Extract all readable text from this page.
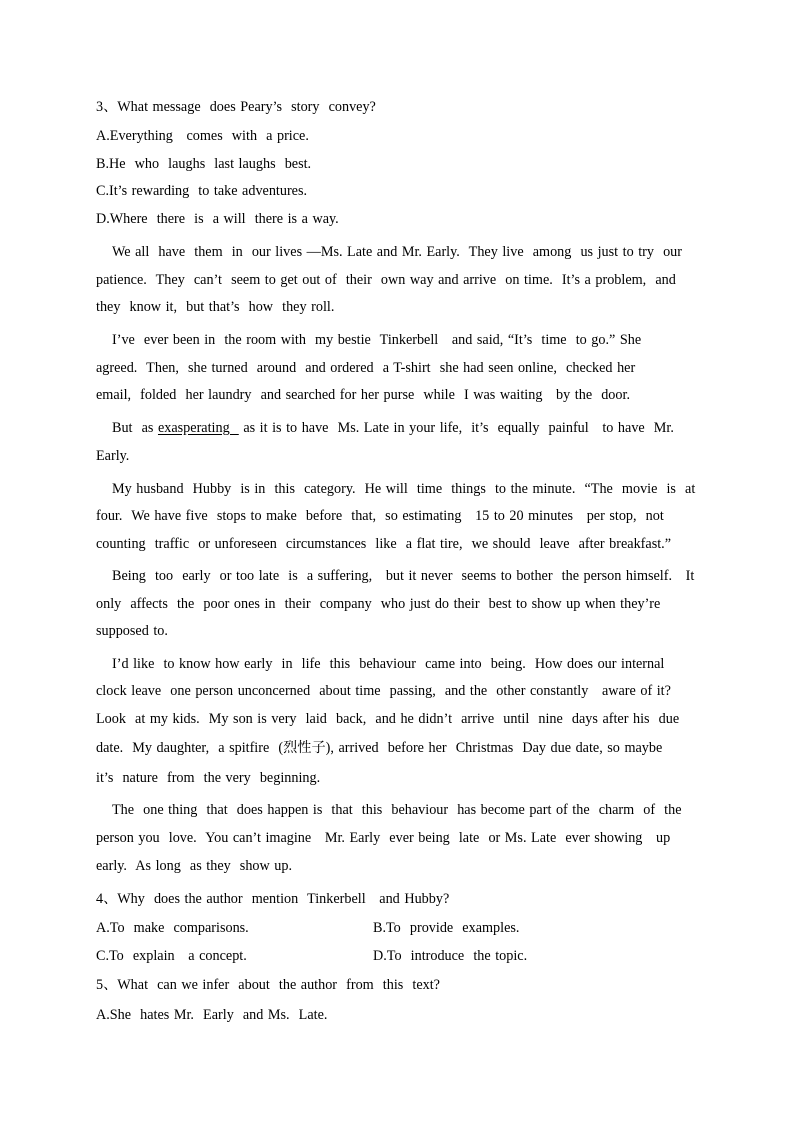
3、What message  does Peary’s  story  convey?
A.Everything   comes  with  a price.
B.He  who  laughs  last laughs  best.
C.It’s rewarding  to take adventures.
D.Where  there  is  a will  there is a way.
We all  have  them  in  our lives —Ms. Late and Mr. Early.  They live  among  us just to try  our
patience.  They  can’t  seem to get out of  their  own way and arrive  on time.  It’s a problem,  and
they  know it,  but that’s  how  they roll.
I’ve  ever been in  the room with  my bestie  Tinkerbell   and said, “It’s  time  to go.” She
agreed.  Then,  she turned  around  and ordered  a T-shirt  she had seen online,  checked her
email,  folded  her laundry  and searched for her purse  while  I was waiting   by the  door.
But  as exasperating   as it is to have  Ms. Late in your life,  it’s  equally  painful   to have  Mr.
Early.
My husband  Hubby  is in  this  category.  He will  time  things  to the minute.  “The  movie  is  at
four.  We have five  stops to make  before  that,  so estimating   15 to 20 minutes   per stop,  not
counting  traffic  or unforeseen  circumstances  like  a flat tire,  we should  leave  after breakfast.”
Being  too  early  or too late  is  a suffering,   but it never  seems to bother  the person himself.   It
only  affects  the  poor ones in  their  company  who just do their  best to show up when they’re
supposed to.
I’d like  to know how early  in  life  this  behaviour  came into  being.  How does our internal
clock leave  one person unconcerned  about time  passing,  and the  other constantly   aware of it?
Look  at my kids.  My son is very  laid  back,  and he didn’t  arrive  until  nine  days after his  due
date.  My daughter,  a spitfire  (烈性子), arrived  before her  Christmas  Day due date, so maybe
it’s  nature  from  the very  beginning.
The  one thing  that  does happen is  that  this  behaviour  has become part of the  charm  of  the
person you  love.  You can’t imagine   Mr. Early  ever being  late  or Ms. Late  ever showing   up
early.  As long  as they  show up.
4、Why  does the author  mention  Tinkerbell   and Hubby?
A.To  make  comparisons.	B.To  provide  examples.
C.To  explain   a concept.	D.To  introduce  the topic.
5、What  can we infer  about  the author  from  this  text?
A.She  hates Mr.  Early  and Ms.  Late.
